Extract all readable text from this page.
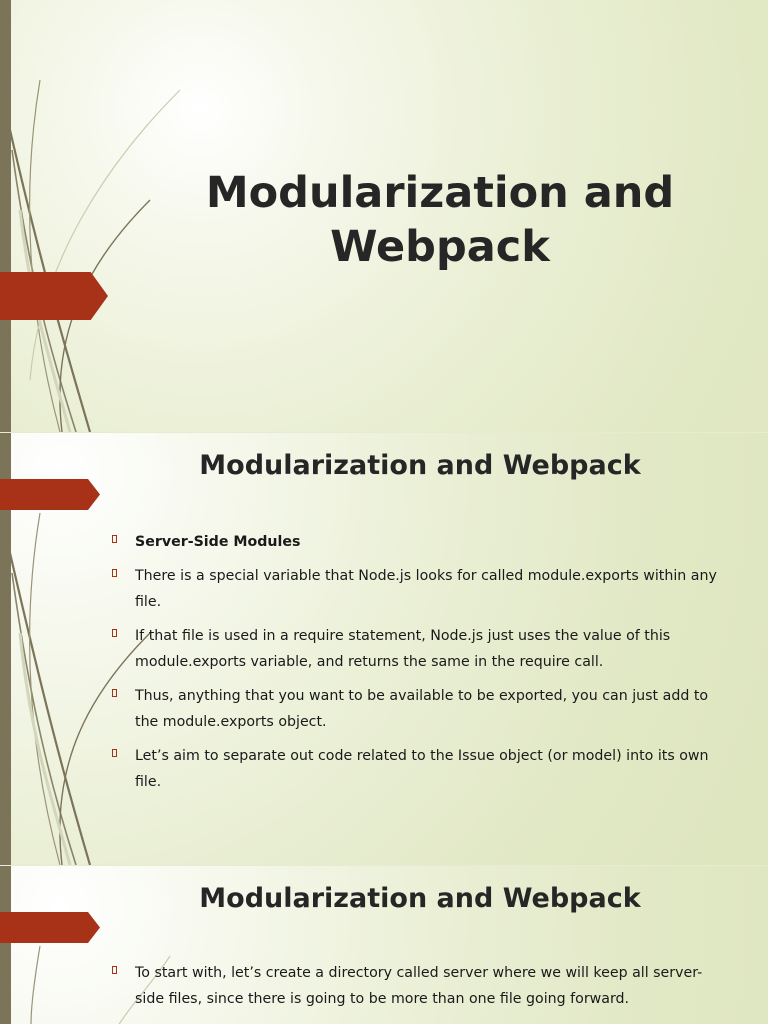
Modularization and Webpack
Modularization and Webpack
Server-Side Modules
There is a special variable that Node.js looks for called module.exports within any file.
If that file is used in a require statement, Node.js just uses the value of this module.exports variable, and returns the same in the require call.
Thus, anything that you want to be available to be exported, you can just add to the module.exports object.
Let’s aim to separate out code related to the Issue object (or model) into its own file.
Modularization and Webpack
To start with, let’s create a directory called server where we will keep all server-side files, since there is going to be more than one file going forward.
